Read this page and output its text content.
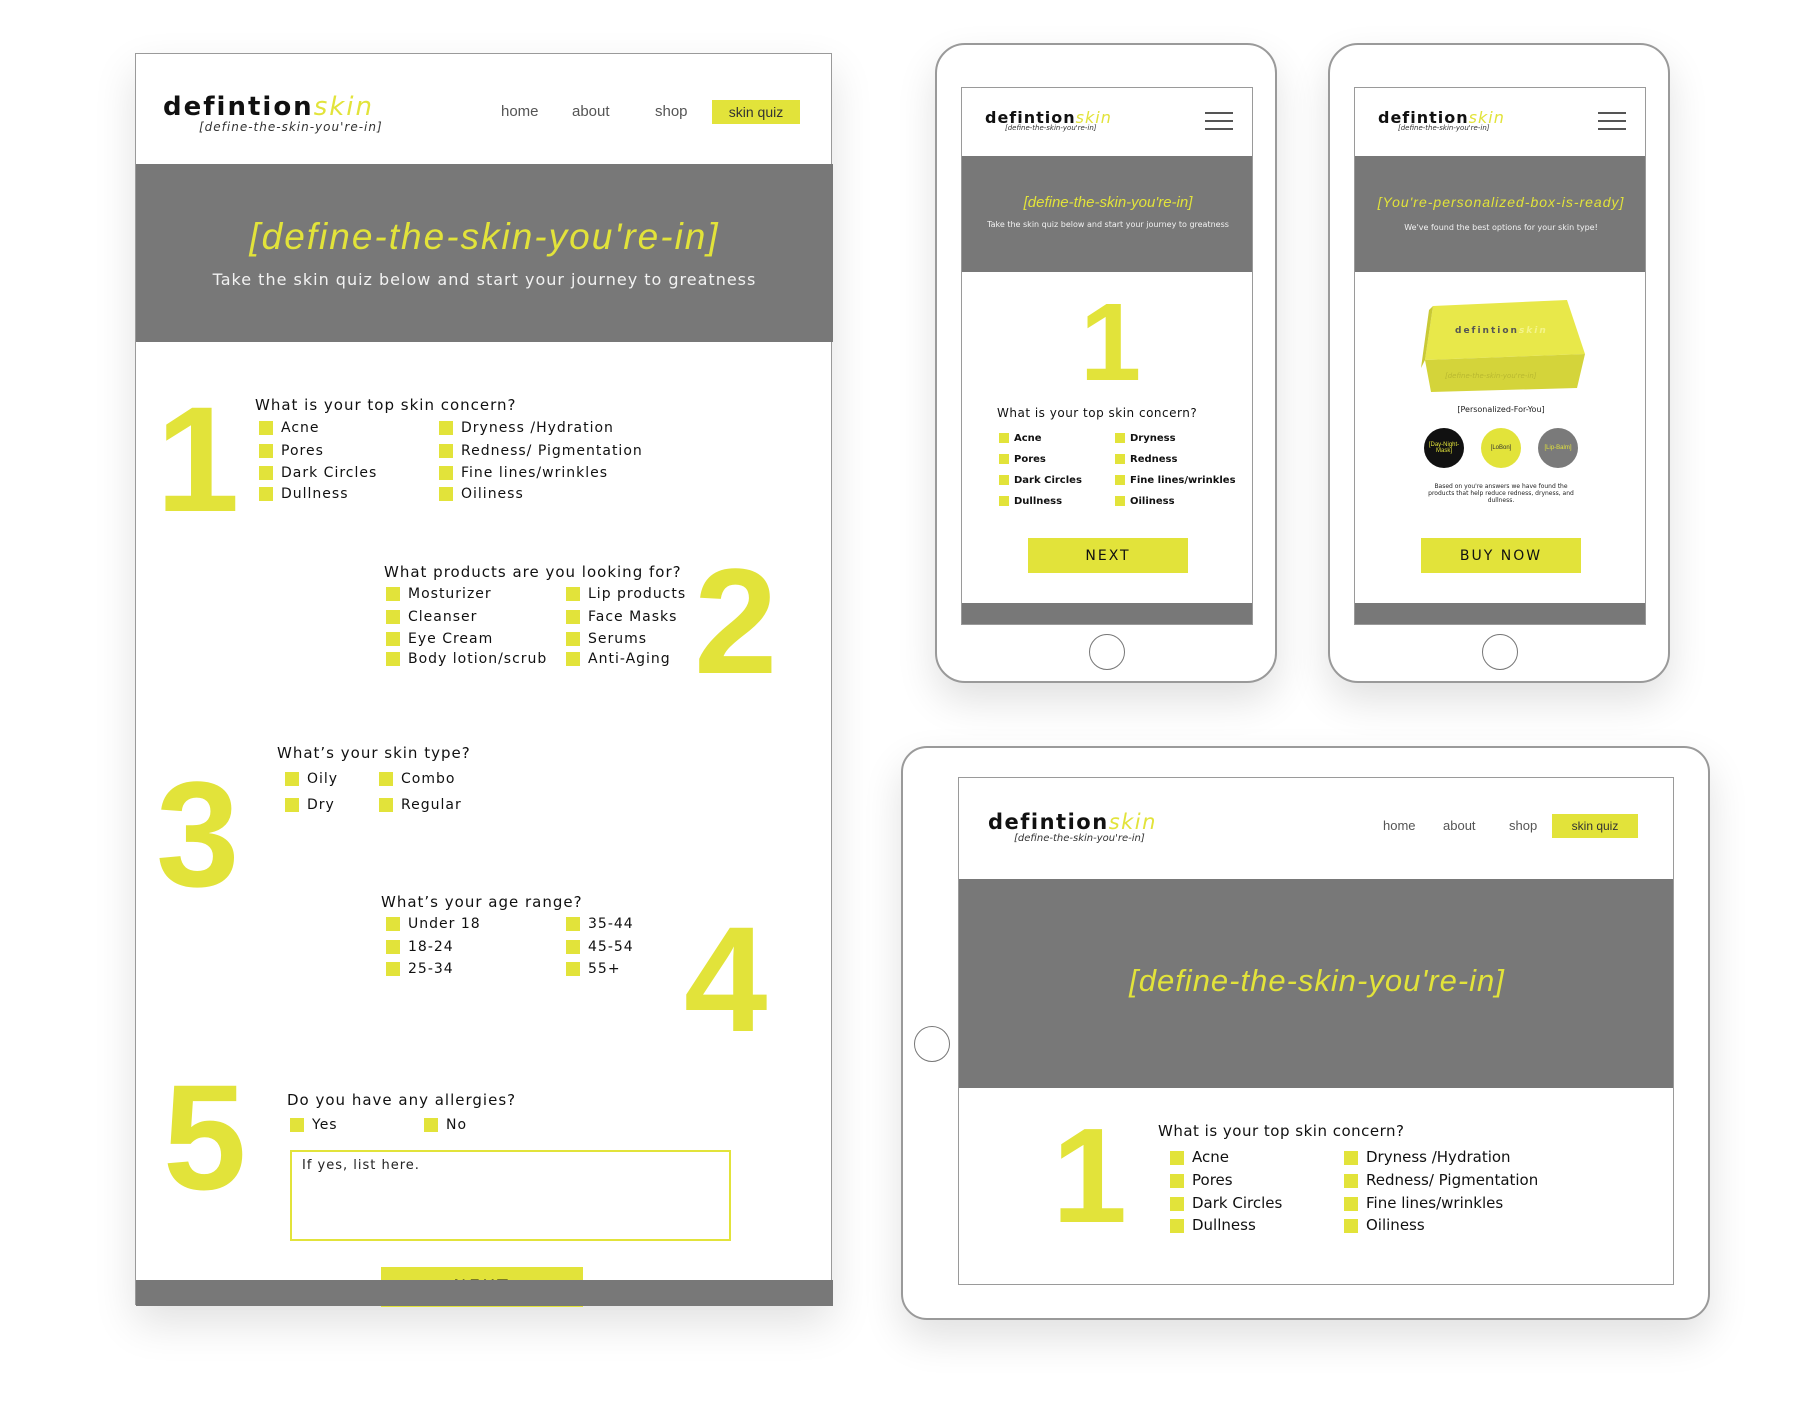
defintionskin
[define-the-skin-you're-in]
home about	shop	skin quiz
[define-the-skin-you're-in]
Take the skin quiz below and start your journey to greatness
1 What is your top skin concern?
Acne
Pores
Dark Circles
Dullness
Dryness /Hydration
Redness/ Pigmentation
Fine lines/wrinkles
Oiliness
What products are you looking for? 2
Mosturizer
Cleanser
Eye Cream
Body lotion/scrub
Lip products
Face Masks
Serums
Anti-Aging
3	What’s your skin type?
Oily
Dry
Combo
Regular
What’s your age range? 4
Under 18
18-24
25-34
35-44
45-54
55+
5	Do you have any allergies?
Yes	No
If yes, list here.
defintionskin
[define-the-skin-you're-in]
[define-the-skin-you're-in]
Take the skin quiz below and start your journey to greatness
1
What is your top skin concern?
Acne
Pores
Dark Circles
Dullness
Dryness
Redness
Fine lines/wrinkles
Oiliness
NEXT
defintionskin
[define-the-skin-you're-in]
[You're-personalized-box-is-ready]
We've found the best options for your skin type!
defintionskin
[define-the-skin-you're-in]
[Personalized-For-You]
[Day-Night-Mask]	[LoBon]	[Lip-Balm]
Based on you're answers we have found the products that help reduce redness, dryness, and dullness.
BUY NOW
defintionskin
[define-the-skin-you're-in]
home about	shop	skin quiz
[define-the-skin-you're-in]
1 What is your top skin concern?
Acne
Pores
Dark Circles
Dullness
Dryness /Hydration
Redness/ Pigmentation
Fine lines/wrinkles
Oiliness
